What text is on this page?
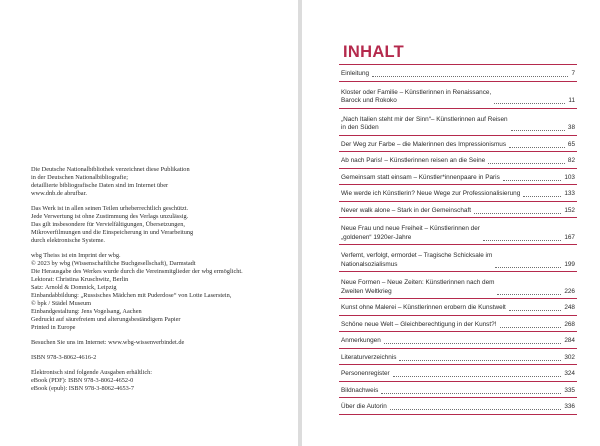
Die Deutsche Nationalbibliothek verzeichnet diese Publikation
in der Deutschen Nationalbibliografie;
detaillierte bibliografische Daten sind im Internet über
www.dnb.de abrufbar.
Das Werk ist in allen seinen Teilen urheberrechtlich geschützt.
Jede Verwertung ist ohne Zustimmung des Verlags unzulässig.
Das gilt insbesondere für Vervielfältigungen, Übersetzungen,
Mikroverfilmungen und die Einspeicherung in und Verarbeitung
durch elektronische Systeme.
wbg Theiss ist ein Imprint der wbg.
© 2023 by wbg (Wissenschaftliche Buchgesellschaft), Darmstadt
Die Herausgabe des Werkes wurde durch die Vereinsmitglieder der wbg ermöglicht.
Lektorat: Christina Kruschwitz, Berlin
Satz: Arnold & Domnick, Leipzig
Einbandabbildung: „Russisches Mädchen mit Puderdose“ von Lotte Laserstein,
© bpk / Städel Museum
Einbandgestaltung: Jens Vogelsang, Aachen
Gedruckt auf säurefreiem und alterungsbeständigem Papier
Printed in Europe
Besuchen Sie uns im Internet: www.wbg-wissenverbindet.de
ISBN 978-3-8062-4616-2
Elektronisch sind folgende Ausgaben erhältlich:
eBook (PDF): ISBN 978-3-8062-4652-0
eBook (epub): ISBN 978-3-8062-4653-7
INHALT
Einleitung	7
Kloster oder Familie – Künstlerinnen in Renaissance,
Barock und Rokoko	11
„Nach Italien steht mir der Sinn“– Künstlerinnen auf Reisen
in den Süden	38
Der Weg zur Farbe – die Malerinnen des Impressionismus	65
Ab nach Paris! – Künstlerinnen reisen an die Seine	82
Gemeinsam statt einsam – Künstler*innenpaare in Paris	103
Wie werde ich Künstlerin? Neue Wege zur Professionalisierung	133
Never walk alone – Stark in der Gemeinschaft	152
Neue Frau und neue Freiheit – Künstlerinnen der
„goldenen“ 1920er-Jahre	167
Verfemt, verfolgt, ermordet – Tragische Schicksale im
Nationalsozialismus	199
Neue Formen – Neue Zeiten: Künstlerinnen nach dem
Zweiten Weltkrieg	226
Kunst ohne Malerei – Künstlerinnen erobern die Kunstwelt	248
Schöne neue Welt – Gleichberechtigung in der Kunst?!	268
Anmerkungen	284
Literaturverzeichnis	302
Personenregister	324
Bildnachweis	335
Über die Autorin	336
